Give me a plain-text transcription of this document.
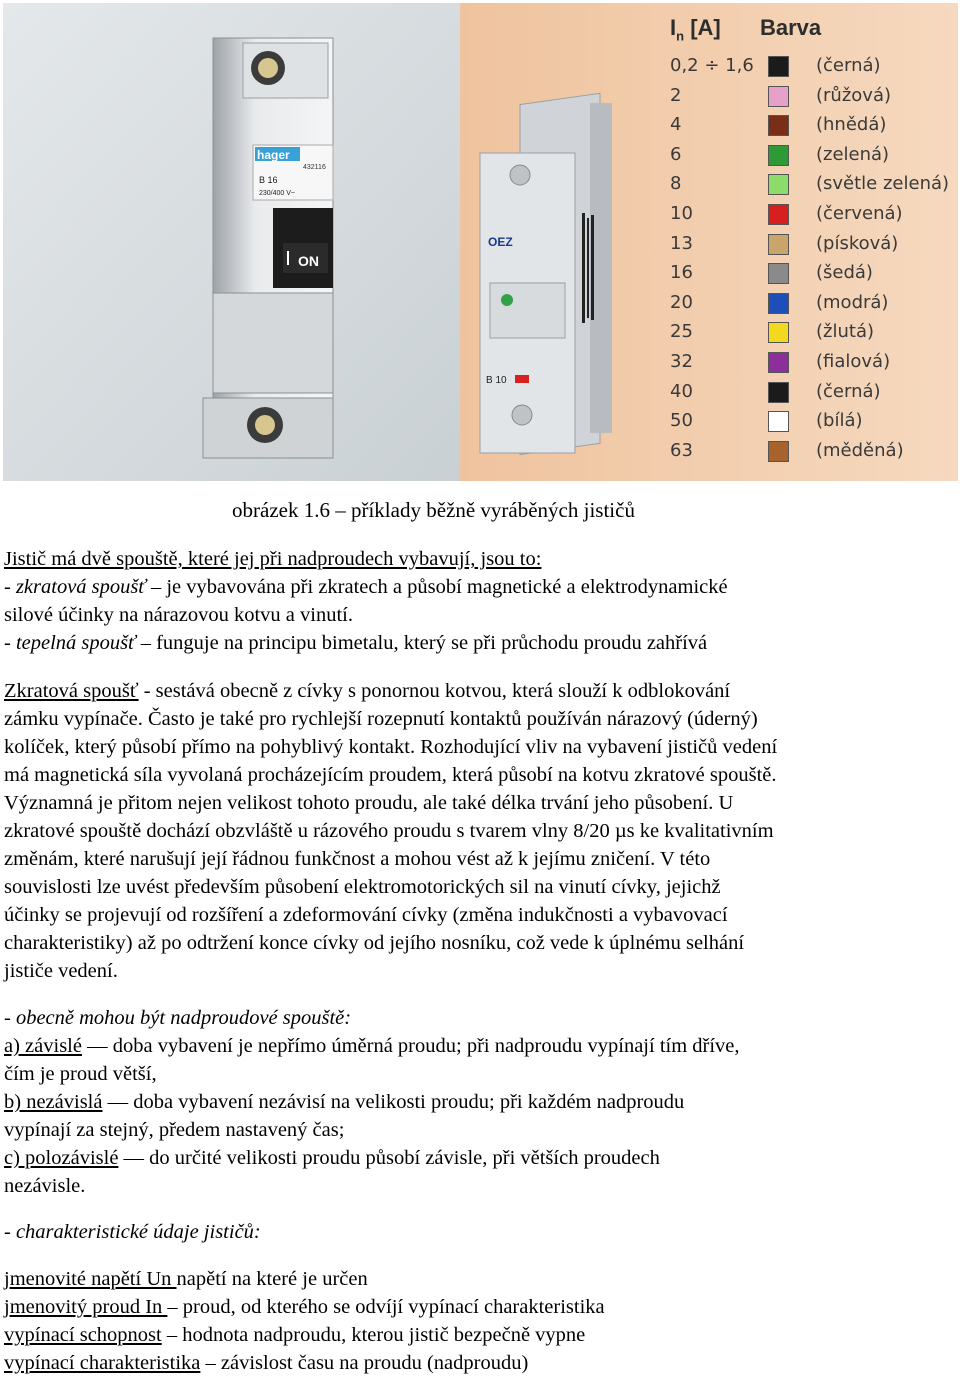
hager
432116
B 16
230/400 V~
ON
OEZ
B 10
$I_n$ [A] Barva
0,2 ÷ 1,6	(černá)
2	(růžová)
4	(hnědá)
6	(zelená)
8	(světle zelená)
10	(červená)
13	(písková)
16	(šedá)
20	(modrá)
25	(žlutá)
32	(fialová)
40	(černá)
50	(bílá)
63	(měděná)
obrázek 1.6 – příklady běžně vyráběných jističů
Jistič má dvě spouště, které jej při nadproudech vybavují, jsou to:
- zkratová spoušť – je vybavována při zkratech a působí magnetické a elektrodynamické
silové účinky na nárazovou kotvu a vinutí.
- tepelná spoušť – funguje na principu bimetalu, který se při průchodu proudu zahřívá
Zkratová spoušť - sestává obecně z cívky s ponornou kotvou, která slouží k odblokování
zámku vypínače. Často je také pro rychlejší rozepnutí kontaktů používán nárazový (úderný)
kolíček, který působí přímo na pohyblivý kontakt. Rozhodující vliv na vybavení jističů vedení
má magnetická síla vyvolaná procházejícím proudem, která působí na kotvu zkratové spouště.
Významná je přitom nejen velikost tohoto proudu, ale také délka trvání jeho působení. U
zkratové spouště dochází obzvláště u rázového proudu s tvarem vlny 8/20 µs ke kvalitativním
změnám, které narušují její řádnou funkčnost a mohou vést až k jejímu zničení. V této
souvislosti lze uvést především působení elektromotorických sil na vinutí cívky, jejichž
účinky se projevují od rozšíření a zdeformování cívky (změna indukčnosti a vybavovací
charakteristiky) až po odtržení konce cívky od jejího nosníku, což vede k úplnému selhání
jističe vedení.
- obecně mohou být nadproudové spouště:
a) závislé — doba vybavení je nepřímo úměrná proudu; při nadproudu vypínají tím dříve,
čím je proud větší,
b) nezávislá — doba vybavení nezávisí na velikosti proudu; při každém nadproudu
vypínají za stejný, předem nastavený čas;
c) polozávislé — do určité velikosti proudu působí závisle, při větších proudech
nezávisle.
- charakteristické údaje jističů:
jmenovité napětí Un napětí na které je určen
jmenovitý proud In – proud, od kterého se odvíjí vypínací charakteristika
vypínací schopnost – hodnota nadproudu, kterou jistič bezpečně vypne
vypínací charakteristika – závislost času na proudu (nadproudu)
